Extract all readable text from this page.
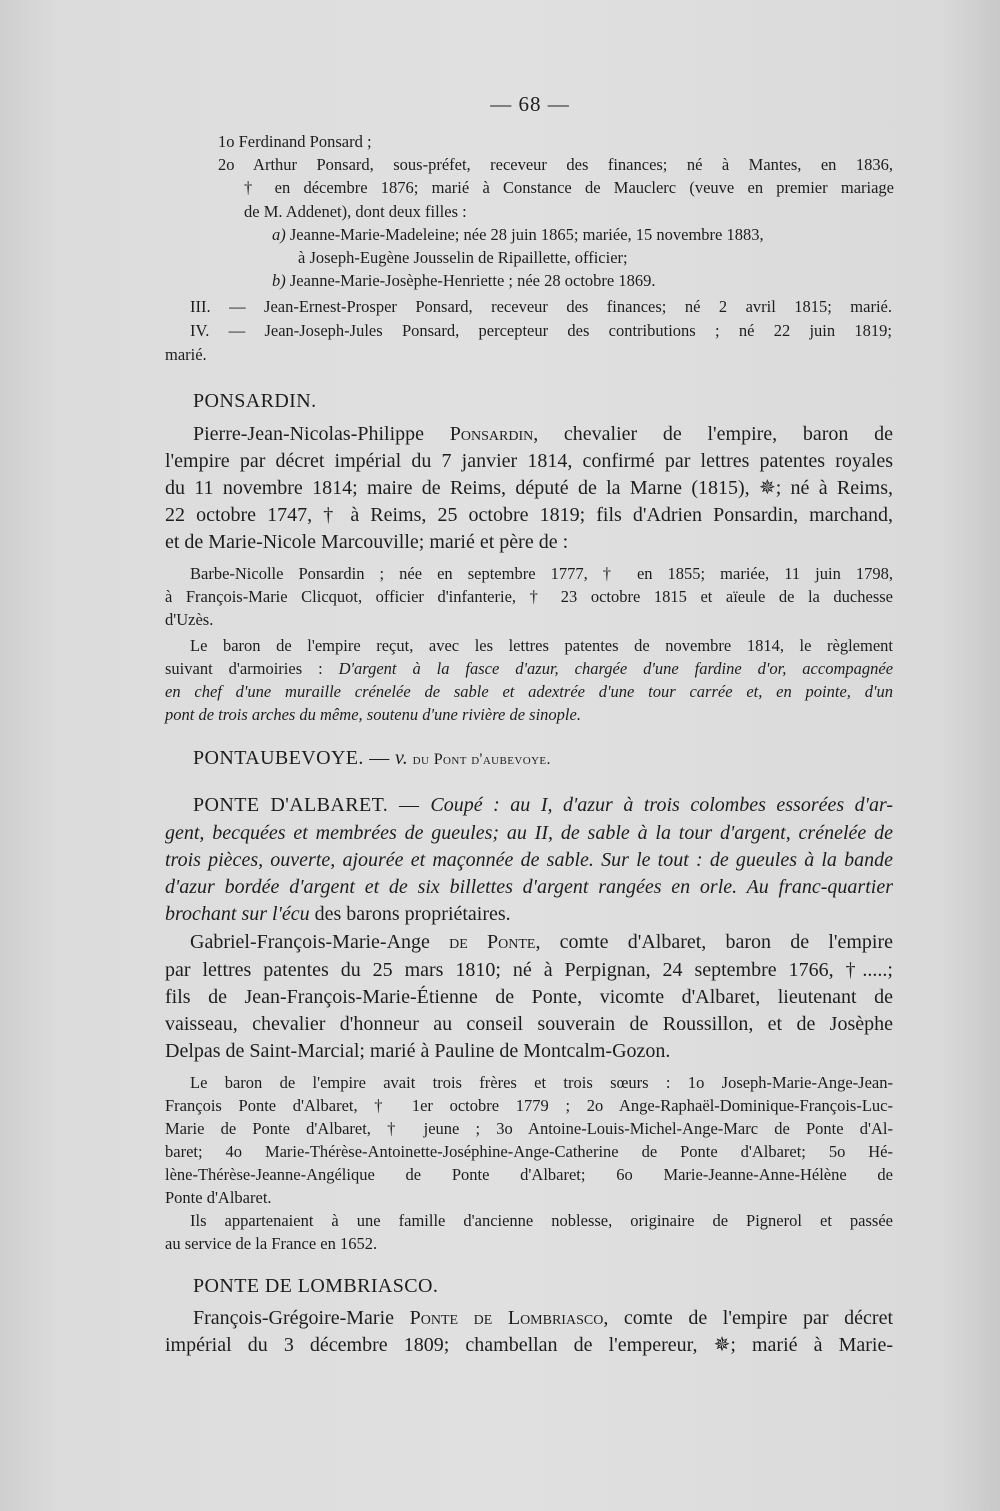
— 68 —
1o Ferdinand Ponsard ;
2o Arthur Ponsard, sous-préfet, receveur des finances; né à Mantes, en 1836,
† en décembre 1876; marié à Constance de Mauclerc (veuve en premier mariage
de M. Addenet), dont deux filles :
a) Jeanne-Marie-Madeleine; née 28 juin 1865; mariée, 15 novembre 1883,
à Joseph-Eugène Jousselin de Ripaillette, officier;
b) Jeanne-Marie-Josèphe-Henriette ; née 28 octobre 1869.
III. — Jean-Ernest-Prosper Ponsard, receveur des finances; né 2 avril 1815; marié.
IV. — Jean-Joseph-Jules Ponsard, percepteur des contributions ; né 22 juin 1819;
marié.
PONSARDIN.
Pierre-Jean-Nicolas-Philippe Ponsardin, chevalier de l'empire, baron de
l'empire par décret impérial du 7 janvier 1814, confirmé par lettres patentes royales
du 11 novembre 1814; maire de Reims, député de la Marne (1815), ✵; né à Reims,
22 octobre 1747, † à Reims, 25 octobre 1819; fils d'Adrien Ponsardin, marchand,
et de Marie-Nicole Marcouville; marié et père de :
Barbe-Nicolle Ponsardin ; née en septembre 1777, † en 1855; mariée, 11 juin 1798,
à François-Marie Clicquot, officier d'infanterie, † 23 octobre 1815 et aïeule de la duchesse
d'Uzès.
Le baron de l'empire reçut, avec les lettres patentes de novembre 1814, le règlement
suivant d'armoiries : D'argent à la fasce d'azur, chargée d'une fardine d'or, accompagnée
en chef d'une muraille crénelée de sable et adextrée d'une tour carrée et, en pointe, d'un
pont de trois arches du même, soutenu d'une rivière de sinople.
PONTAUBEVOYE. — v. du Pont d'aubevoye.
PONTE D'ALBARET. — Coupé : au I, d'azur à trois colombes essorées d'ar-
gent, becquées et membrées de gueules; au II, de sable à la tour d'argent, crénelée de
trois pièces, ouverte, ajourée et maçonnée de sable. Sur le tout : de gueules à la bande
d'azur bordée d'argent et de six billettes d'argent rangées en orle. Au franc-quartier
brochant sur l'écu des barons propriétaires.
Gabriel-François-Marie-Ange de Ponte, comte d'Albaret, baron de l'empire
par lettres patentes du 25 mars 1810; né à Perpignan, 24 septembre 1766, †.....;
fils de Jean-François-Marie-Étienne de Ponte, vicomte d'Albaret, lieutenant de
vaisseau, chevalier d'honneur au conseil souverain de Roussillon, et de Josèphe
Delpas de Saint-Marcial; marié à Pauline de Montcalm-Gozon.
Le baron de l'empire avait trois frères et trois sœurs : 1o Joseph-Marie-Ange-Jean-
François Ponte d'Albaret, † 1er octobre 1779 ; 2o Ange-Raphaël-Dominique-François-Luc-
Marie de Ponte d'Albaret, † jeune ; 3o Antoine-Louis-Michel-Ange-Marc de Ponte d'Al-
baret; 4o Marie-Thérèse-Antoinette-Joséphine-Ange-Catherine de Ponte d'Albaret; 5o Hé-
lène-Thérèse-Jeanne-Angélique de Ponte d'Albaret; 6o Marie-Jeanne-Anne-Hélène de
Ponte d'Albaret.
Ils appartenaient à une famille d'ancienne noblesse, originaire de Pignerol et passée
au service de la France en 1652.
PONTE DE LOMBRIASCO.
François-Grégoire-Marie Ponte de Lombriasco, comte de l'empire par décret
impérial du 3 décembre 1809; chambellan de l'empereur, ✵; marié à Marie-
